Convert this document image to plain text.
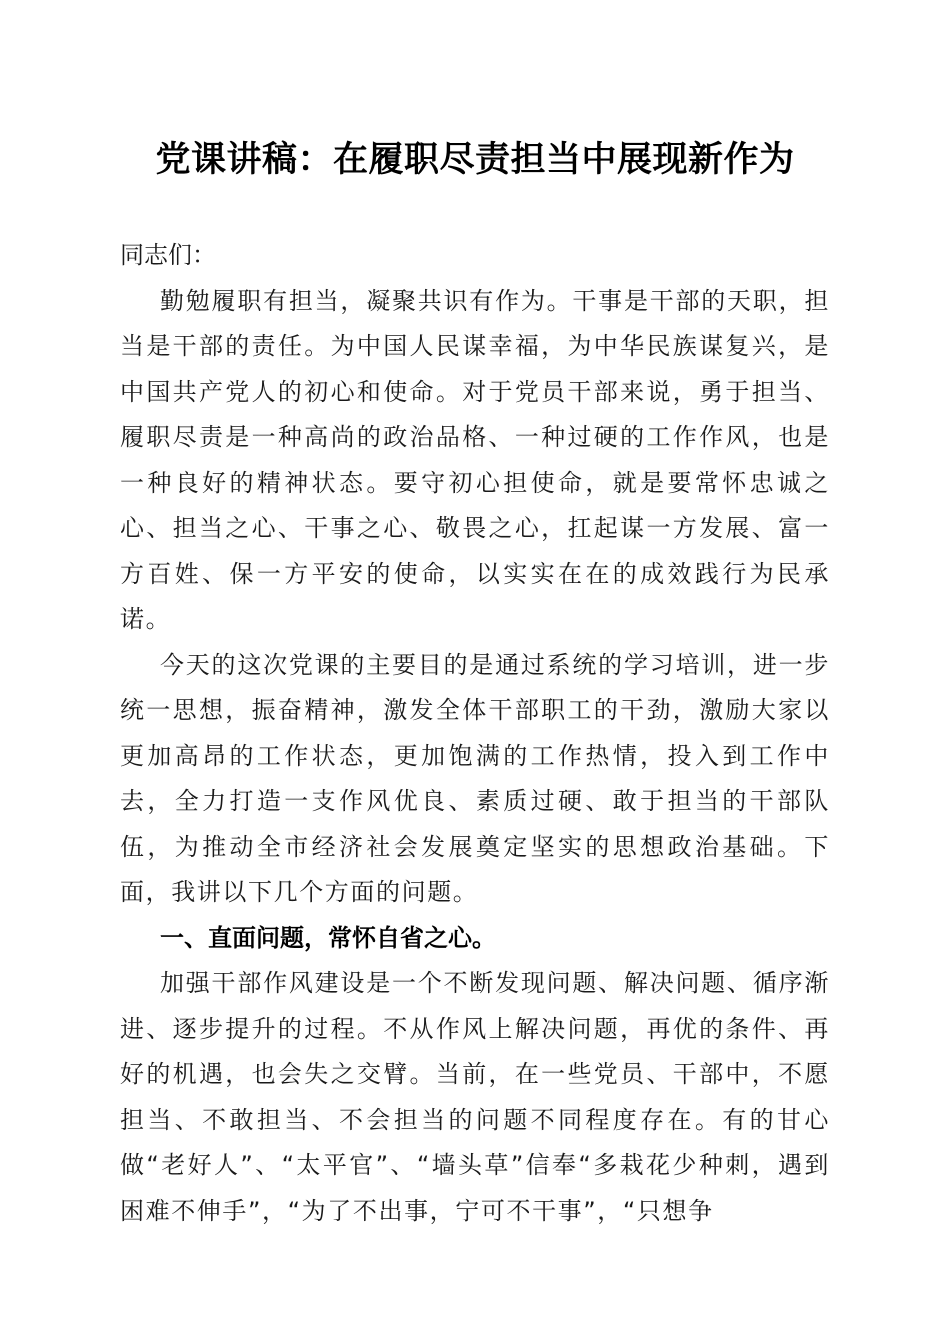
党课讲稿：在履职尽责担当中展现新作为

同志们：

勤勉履职有担当，凝聚共识有作为。干事是干部的天职，担当是干部的责任。为中国人民谋幸福，为中华民族谋复兴，是中国共产党人的初心和使命。对于党员干部来说，勇于担当、履职尽责是一种高尚的政治品格、一种过硬的工作作风，也是一种良好的精神状态。要守初心担使命，就是要常怀忠诚之心、担当之心、干事之心、敬畏之心，扛起谋一方发展、富一方百姓、保一方平安的使命，以实实在在的成效践行为民承诺。

今天的这次党课的主要目的是通过系统的学习培训，进一步统一思想，振奋精神，激发全体干部职工的干劲，激励大家以更加高昂的工作状态，更加饱满的工作热情，投入到工作中去，全力打造一支作风优良、素质过硬、敢于担当的干部队伍，为推动全市经济社会发展奠定坚实的思想政治基础。下面，我讲以下几个方面的问题。

一、直面问题，常怀自省之心。

加强干部作风建设是一个不断发现问题、解决问题、循序渐进、逐步提升的过程。不从作风上解决问题，再优的条件、再好的机遇，也会失之交臂。当前，在一些党员、干部中，不愿担当、不敢担当、不会担当的问题不同程度存在。有的甘心做“老好人”、“太平官”、“墙头草”信奉“多栽花少种刺，遇到困难不伸手”，“为了不出事，宁可不干事”，“只想争
